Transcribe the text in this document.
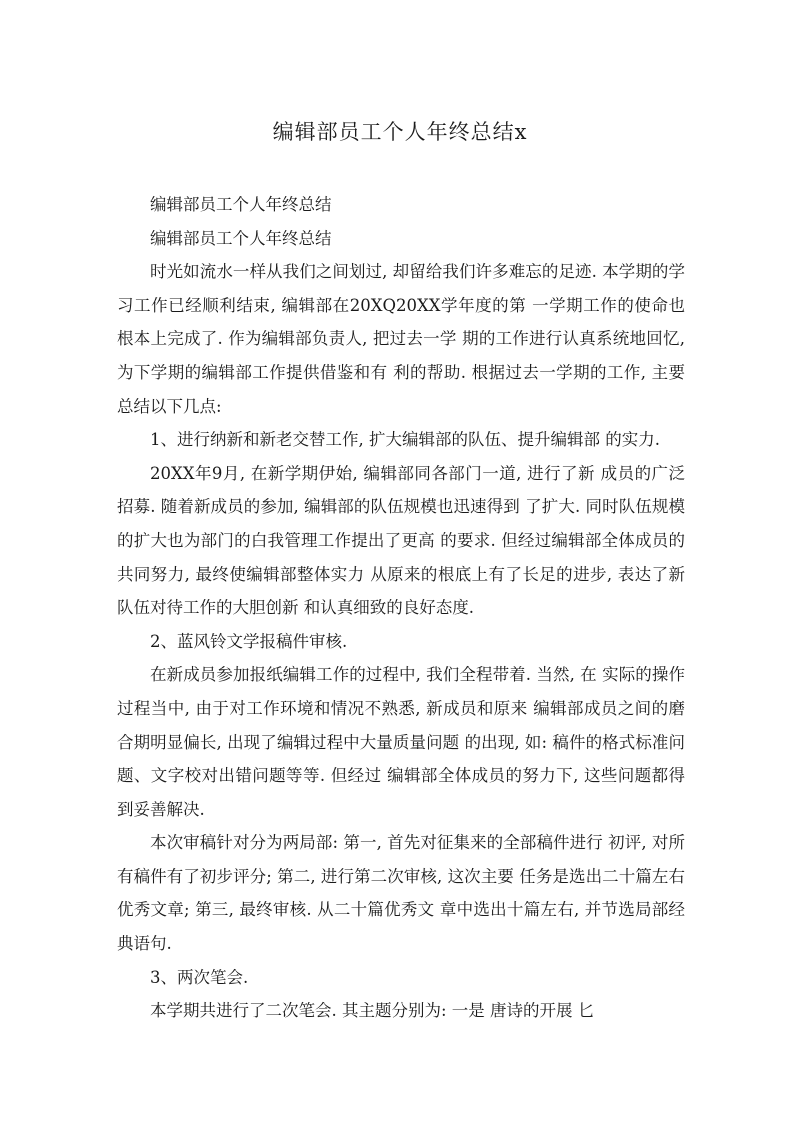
编辑部员工个人年终总结x

编辑部员工个人年终总结

编辑部员工个人年终总结

时光如流水一样从我们之间划过, 却留给我们许多难忘的足迹. 本学期的学习工作已经顺利结束, 编辑部在20XQ20XX学年度的第 一学期工作的使命也根本上完成了. 作为编辑部负责人, 把过去一学 期的工作进行认真系统地回忆, 为下学期的编辑部工作提供借鉴和有 利的帮助. 根据过去一学期的工作, 主要总结以下几点:

1、进行纳新和新老交替工作, 扩大编辑部的队伍、提升编辑部 的实力.

20XX年9月, 在新学期伊始, 编辑部同各部门一道, 进行了新 成员的广泛招募. 随着新成员的参加, 编辑部的队伍规模也迅速得到 了扩大. 同时队伍规模的扩大也为部门的白我管理工作提出了更高 的要求. 但经过编辑部全体成员的共同努力, 最终使编辑部整体实力 从原来的根底上有了长足的进步, 表达了新队伍对待工作的大胆创新 和认真细致的良好态度.

2、蓝风铃文学报稿件审核.

在新成员参加报纸编辑工作的过程中, 我们全程带着. 当然, 在 实际的操作过程当中, 由于对工作环境和情况不熟悉, 新成员和原来 编辑部成员之间的磨合期明显偏长, 出现了编辑过程中大量质量问题 的出现, 如: 稿件的格式标准问题、文字校对出错问题等等. 但经过 编辑部全体成员的努力下, 这些问题都得到妥善解决.

本次审稿针对分为两局部: 第一, 首先对征集来的全部稿件进行 初评, 对所有稿件有了初步评分; 第二, 进行第二次审核, 这次主要 任务是选出二十篇左右优秀文章; 第三, 最终审核. 从二十篇优秀文 章中选出十篇左右, 并节选局部经典语句.

3、两次笔会.

本学期共进行了二次笔会. 其主题分别为: 一是 唐诗的开展 匕
